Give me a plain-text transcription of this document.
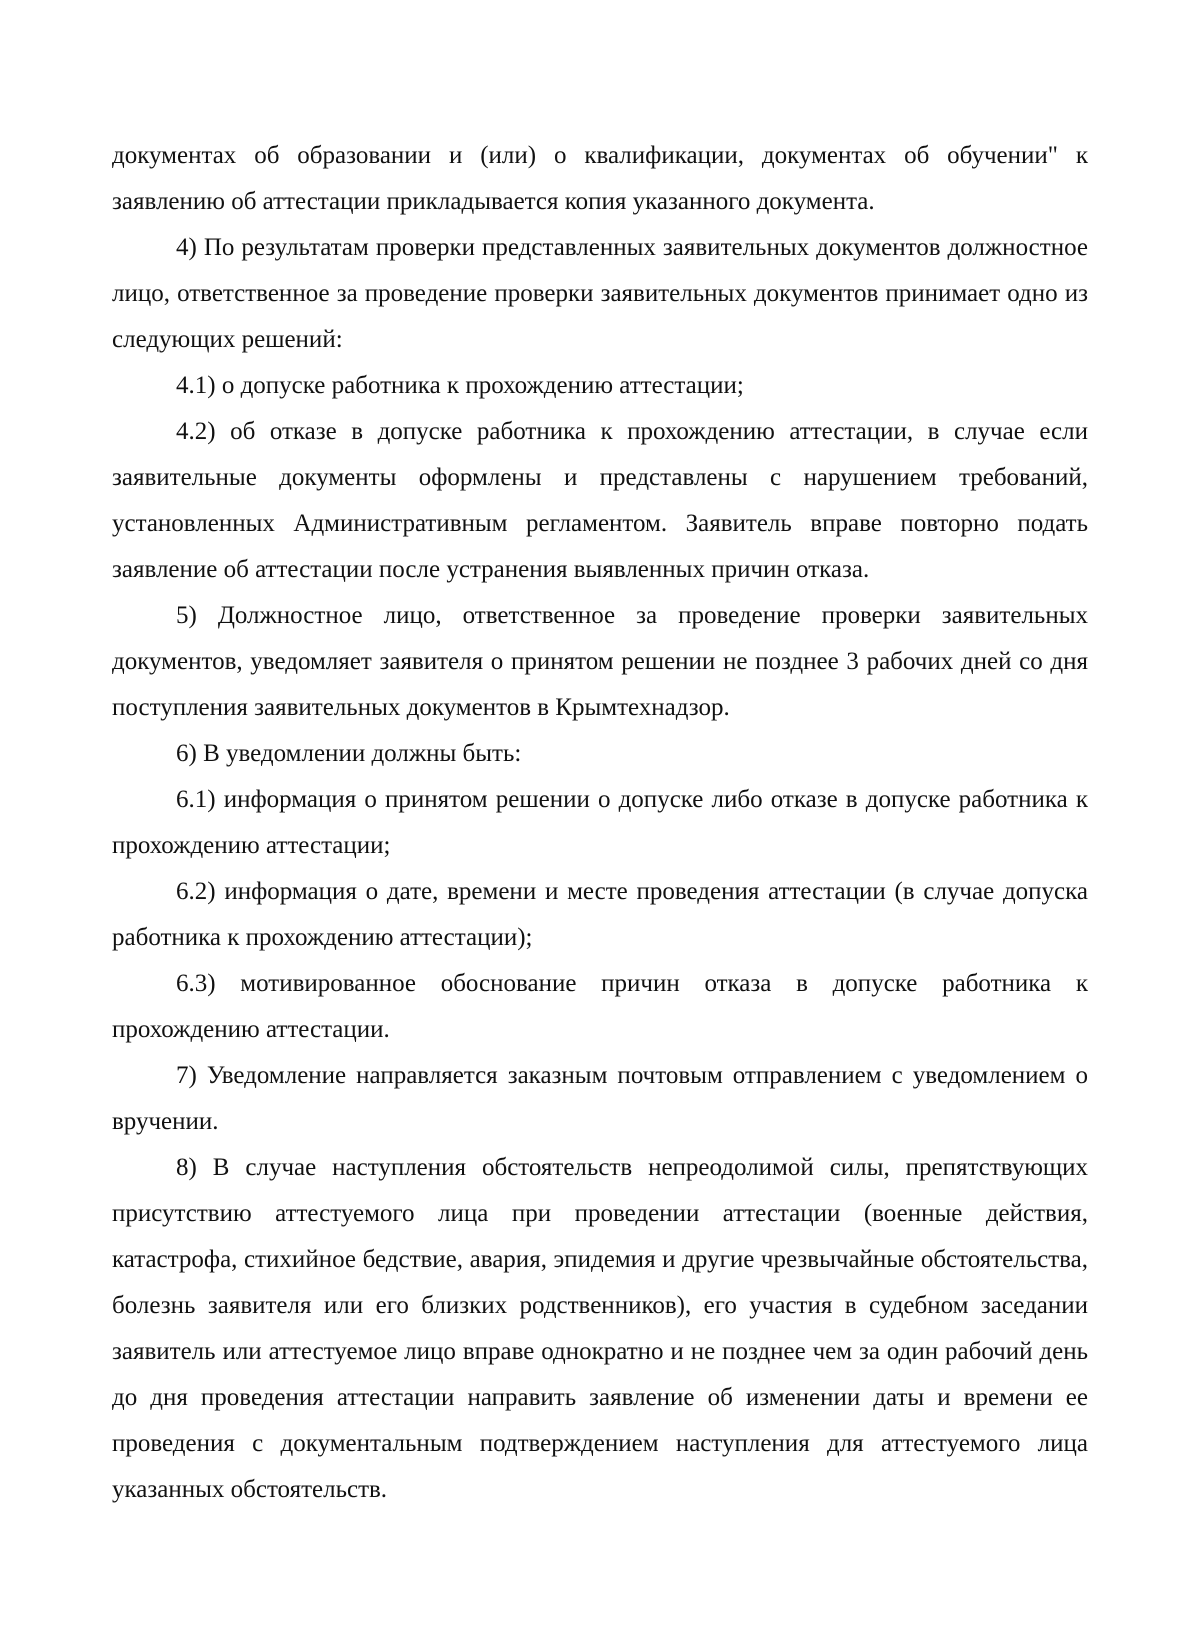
документах об образовании и (или) о квалификации, документах об обучении" к заявлению об аттестации прикладывается копия указанного документа.

4) По результатам проверки представленных заявительных документов должностное лицо, ответственное за проведение проверки заявительных документов принимает одно из следующих решений:

4.1) о допуске работника к прохождению аттестации;

4.2) об отказе в допуске работника к прохождению аттестации, в случае если заявительные документы оформлены и представлены с нарушением требований, установленных Административным регламентом. Заявитель вправе повторно подать заявление об аттестации после устранения выявленных причин отказа.

5) Должностное лицо, ответственное за проведение проверки заявительных документов, уведомляет заявителя о принятом решении не позднее 3 рабочих дней со дня поступления заявительных документов в Крымтехнадзор.

6) В уведомлении должны быть:

6.1) информация о принятом решении о допуске либо отказе в допуске работника к прохождению аттестации;

6.2) информация о дате, времени и месте проведения аттестации (в случае допуска работника к прохождению аттестации);

6.3) мотивированное обоснование причин отказа в допуске работника к прохождению аттестации.

7) Уведомление направляется заказным почтовым отправлением с уведомлением о вручении.

8) В случае наступления обстоятельств непреодолимой силы, препятствующих присутствию аттестуемого лица при проведении аттестации (военные действия, катастрофа, стихийное бедствие, авария, эпидемия и другие чрезвычайные обстоятельства, болезнь заявителя или его близких родственников), его участия в судебном заседании заявитель или аттестуемое лицо вправе однократно и не позднее чем за один рабочий день до дня проведения аттестации направить заявление об изменении даты и времени ее проведения с документальным подтверждением наступления для аттестуемого лица указанных обстоятельств.
